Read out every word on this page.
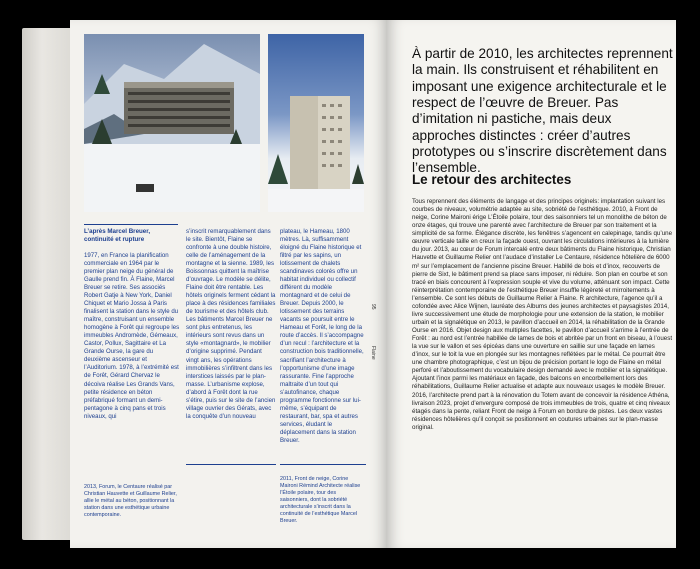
L’après Marcel Breuer, continuité et rupture
1977, en France la planification commerciale en 1964 par le premier plan neige du général de Gaulle prend fin. À Flaine, Marcel Breuer se retire. Ses associés Robert Gatje à New York, Daniel Chiquet et Mario Jossa à Paris finalisent la station dans le style du maître, construisant un ensemble homogène à Forêt qui regroupe les immeubles Andromède, Gémeaux, Castor, Pollux, Sagittaire et La Grande Ourse, la gare du deuxième ascenseur et l’Auditorium. 1978, à l’extrémité est de Forêt, Gérard Chervaz le décoiva réalise Les Grands Vans, petite résidence en béton préfabriqué formant un demi-pentagone à cinq pans et trois niveaux, qui
s’inscrit remarquablement dans le site. Bientôt, Flaine se confronte à une double histoire, celle de l’aménagement de la montagne et la sienne. 1989, les Boissonnas quittent la maîtrise d’ouvrage. Le modèle se délite, Flaine doit être rentable. Les hôtels originels ferment cédant la place à des résidences familiales de tourisme et des hôtels club. Les bâtiments Marcel Breuer ne sont plus entretenus, les intérieurs sont revus dans un style «montagnard», le mobilier d’origine supprimé. Pendant vingt ans, les opérations immobilières s’infiltrent dans les interstices laissés par le plan-masse. L’urbanisme explose, d’abord à Forêt dont la rue s’étire, puis sur le site de l’ancien village ouvrier des Gérats, avec la conquête d’un nouveau
plateau, le Hameau, 1800 mètres. Là, suffisamment éloigné du Flaine historique et filtré par les sapins, un lotissement de chalets scandinaves colorés offre un habitat individuel ou collectif différent du modèle montagnard et de celui de Breuer. Depuis 2000, le lotissement des terrains vacants se poursuit entre le Hameau et Forêt, le long de la route d’accès. Il s’accompagne d’un recul : l’architecture et la construction bois traditionnelle, sacrifiant l’architecture à l’opportunisme d’une image rassurante. Fine l’approche maltraite d’un tout qui s’autofinance, chaque programme fonctionne sur lui-même, s’équipant de restaurant, bar, spa et autres services, éludant le déplacement dans la station Breuer.
2013, Forum, le Centaure réalisé par Christian Hauvette et Guillaume Relier, allie le métal au béton, positionnant la station dans une esthétique urbaine contemporaine.
2011, Front de neige, Corine Maironi Rémind Architecte réalise l’Étoile polaire, tour des saisonniers, dont la sobriété architecturale s’inscrit dans la continuité de l’esthétique Marcel Breuer.
Flaine
95
À partir de 2010, les architectes reprennent la main. Ils construisent et réhabilitent en imposant une exigence architecturale et le respect de l’œuvre de Breuer. Pas d’imitation ni pastiche, mais deux approches distinctes : créer d’autres prototypes ou s’inscrire discrètement dans l’ensemble.
Le retour des architectes
Tous reprennent des éléments de langage et des principes originels: implantation suivant les courbes de niveaux, volumétrie adaptée au site, sobriété de l’esthétique. 2010, à Front de neige, Corine Maironi érige L’Étoile polaire, tour des saisonniers tel un monolithe de béton de onze étages, qui trouve une parenté avec l’architecture de Breuer par son traitement et la simplicité de sa forme. Élégance discrète, les fenêtres s’agencent en calepinage, tandis qu’une œuvre verticale taille en creux la façade ouest, ouvrant les circulations intérieures à la lumière du jour. 2013, au cœur de Forum intercalé entre deux bâtiments du Flaine historique, Christian Hauvette et Guillaume Relier ont l’audace d’installer Le Centaure, résidence hôtelière de 6000 m² sur l’emplacement de l’ancienne piscine Breuer. Habillé de bois et d’inox, recouverts de pierre de Sixt, le bâtiment prend sa place sans imposer, ni réduire. Son plan en courbe et son tracé en biais concourent à l’expression souple et vive du volume, atténuant son impact. Cette réinterprétation contemporaine de l’esthétique Breuer insuffle légèreté et mirroitements à l’ensemble. Ce sont les débuts de Guillaume Relier à Flaine. R architecture, l’agence qu’il a cofondée avec Alice Wijnen, lauréate des Albums des jeunes architectes et paysagistes 2014, livre successivement une étude de morphologie pour une extension de la station, le mobilier urbain et la signalétique en 2013, le pavillon d’accueil en 2014, la réhabilitation de la Grande Ourse en 2016. Objet design aux multiples facettes, le pavillon d’accueil s’arrime à l’entrée de Forêt : au nord est l’entrée habillée de lames de bois et abritée par un front en biseau, à l’ouest la vue sur le vallon et ses épicéas dans une ouverture en saillie sur une façade en lames d’inox, sur le toit la vue en plongée sur les montagnes reflétées par le métal. Ce pourrait être une chambre photographique, c’est un bijou de précision portant le logo de Flaine en métal perforé et l’aboutissement du vocabulaire design demandé avec le mobilier et la signalétique. Ajoutant l’inox parmi les matériaux en façade, des balcons en encorbellement lors des réhabilitations, Guillaume Relier actualise et adapte aux nouveaux usages le modèle Breuer. 2016, l’architecte prend part à la rénovation du Totem avant de concevoir la résidence Athéna, livraison 2023, projet d’envergure composé de trois immeubles de trois, quatre et cinq niveaux étagés dans la pente, reliant Front de neige à Forum en bordure de pistes. Les deux vastes résidences hôtelières qu’il conçoit se positionnent en coutures urbaines sur le plan-masse original.
